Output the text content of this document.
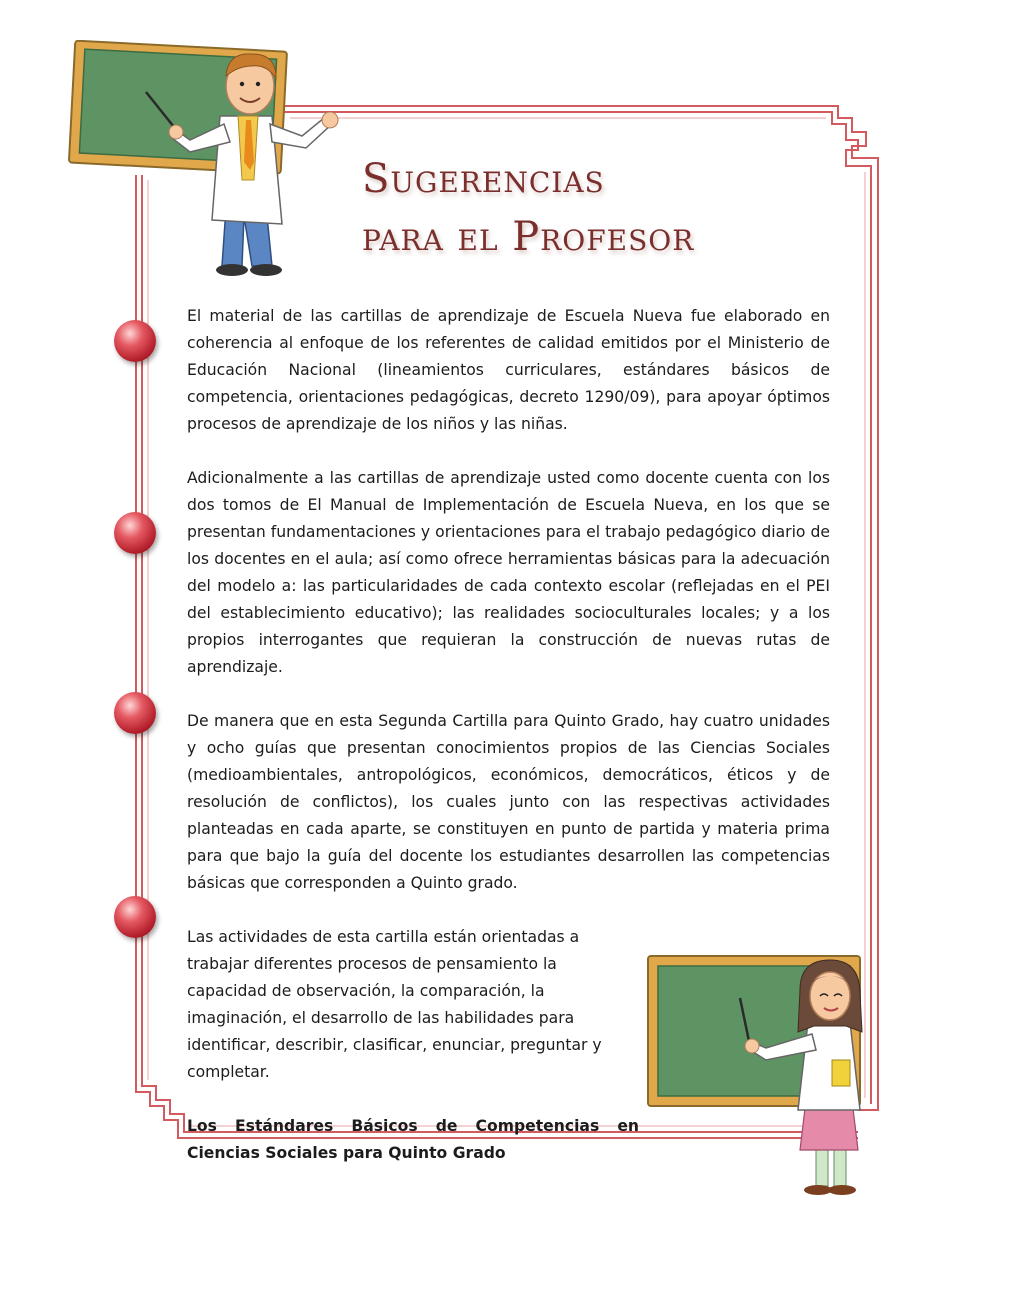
Sugerencias
para el Profesor

El material de las cartillas de aprendizaje de Escuela Nueva fue elaborado en coherencia al enfoque de los referentes de calidad emitidos por el Ministerio de Educación Nacional (lineamientos curriculares, estándares básicos de competencia, orientaciones pedagógicas, decreto 1290/09), para apoyar óptimos procesos de aprendizaje de los niños y las niñas.

Adicionalmente a las cartillas de aprendizaje usted como docente cuenta con los dos tomos de El Manual de Implementación de Escuela Nueva, en los que se presentan fundamentaciones y orientaciones para el trabajo pedagógico diario de los docentes en el aula; así como ofrece herramientas básicas para la adecuación del modelo a: las particularidades de cada contexto escolar (reflejadas en el PEI del establecimiento educativo); las realidades socioculturales locales; y a los propios interrogantes que requieran la construcción de nuevas rutas de aprendizaje.

De manera que en esta Segunda Cartilla para Quinto Grado, hay cuatro unidades y ocho guías que presentan conocimientos propios de las Ciencias Sociales (medioambientales, antropológicos, económicos, democráticos, éticos y de resolución de conflictos), los cuales junto con las respectivas actividades planteadas en cada aparte, se constituyen en punto de partida y materia prima para que bajo la guía del docente los estudiantes desarrollen las competencias básicas que corresponden a Quinto grado.

Las actividades de esta cartilla están orientadas a trabajar diferentes procesos de pensamiento la capacidad de observación, la comparación, la imaginación, el desarrollo de las habilidades para identificar, describir, clasificar, enunciar, preguntar y completar.

Los Estándares Básicos de Competencias en Ciencias Sociales para Quinto Grado
